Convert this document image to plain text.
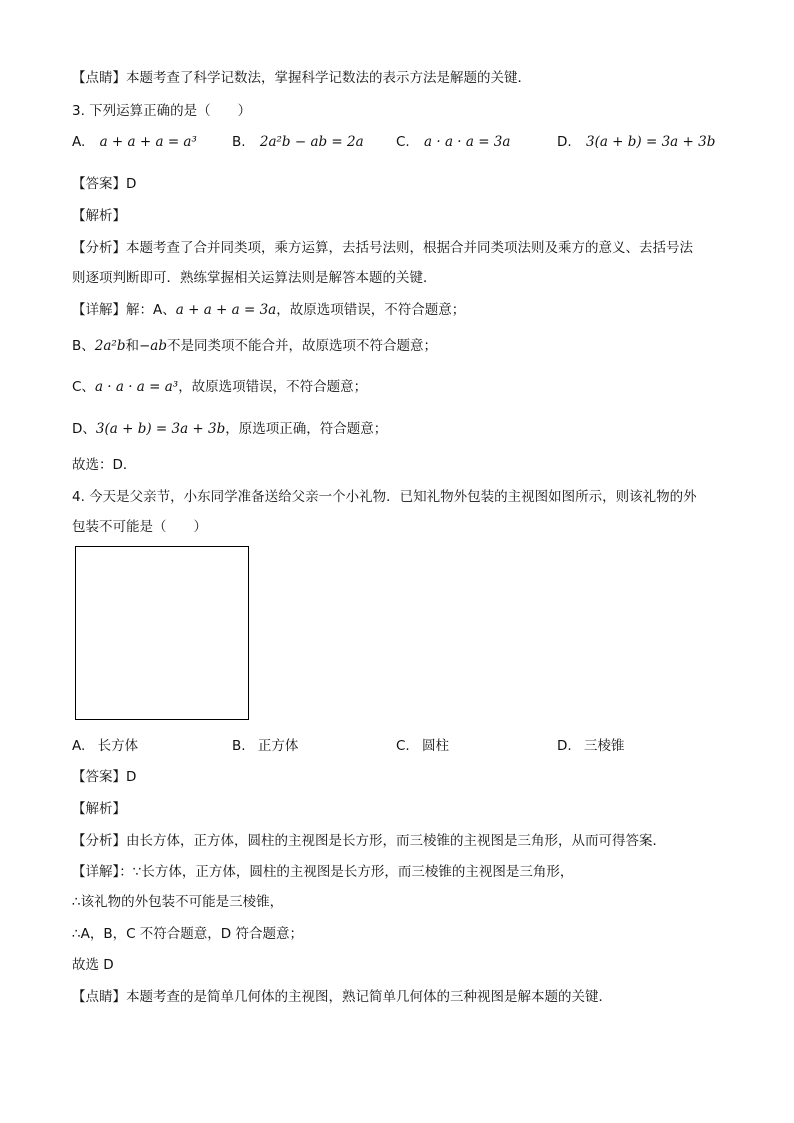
【点睛】本题考查了科学记数法，掌握科学记数法的表示方法是解题的关键．
3. 下列运算正确的是（　　）
A. a + a + a = a³	B. 2a²b − ab = 2a C. a · a · a = 3a	D. 3(a + b) = 3a + 3b
【答案】D
【解析】
【分析】本题考查了合并同类项，乘方运算，去括号法则，根据合并同类项法则及乘方的意义、去括号法
则逐项判断即可．熟练掌握相关运算法则是解答本题的关键．
【详解】解：A、a + a + a = 3a，故原选项错误，不符合题意；
B、2a²b和−ab不是同类项不能合并，故原选项不符合题意；
C、a · a · a = a³，故原选项错误，不符合题意；
D、3(a + b) = 3a + 3b，原选项正确，符合题意；
故选：D．
4. 今天是父亲节，小东同学准备送给父亲一个小礼物．已知礼物外包装的主视图如图所示，则该礼物的外
包装不可能是（　　）
A. 长方体	B. 正方体	C. 圆柱	D. 三棱锥
【答案】D
【解析】
【分析】由长方体，正方体，圆柱的主视图是长方形，而三棱锥的主视图是三角形，从而可得答案．
【详解】：∵长方体，正方体，圆柱的主视图是长方形，而三棱锥的主视图是三角形，
∴该礼物的外包装不可能是三棱锥，
∴A，B，C 不符合题意，D 符合题意；
故选 D
【点睛】本题考查的是简单几何体的主视图，熟记简单几何体的三种视图是解本题的关键．
